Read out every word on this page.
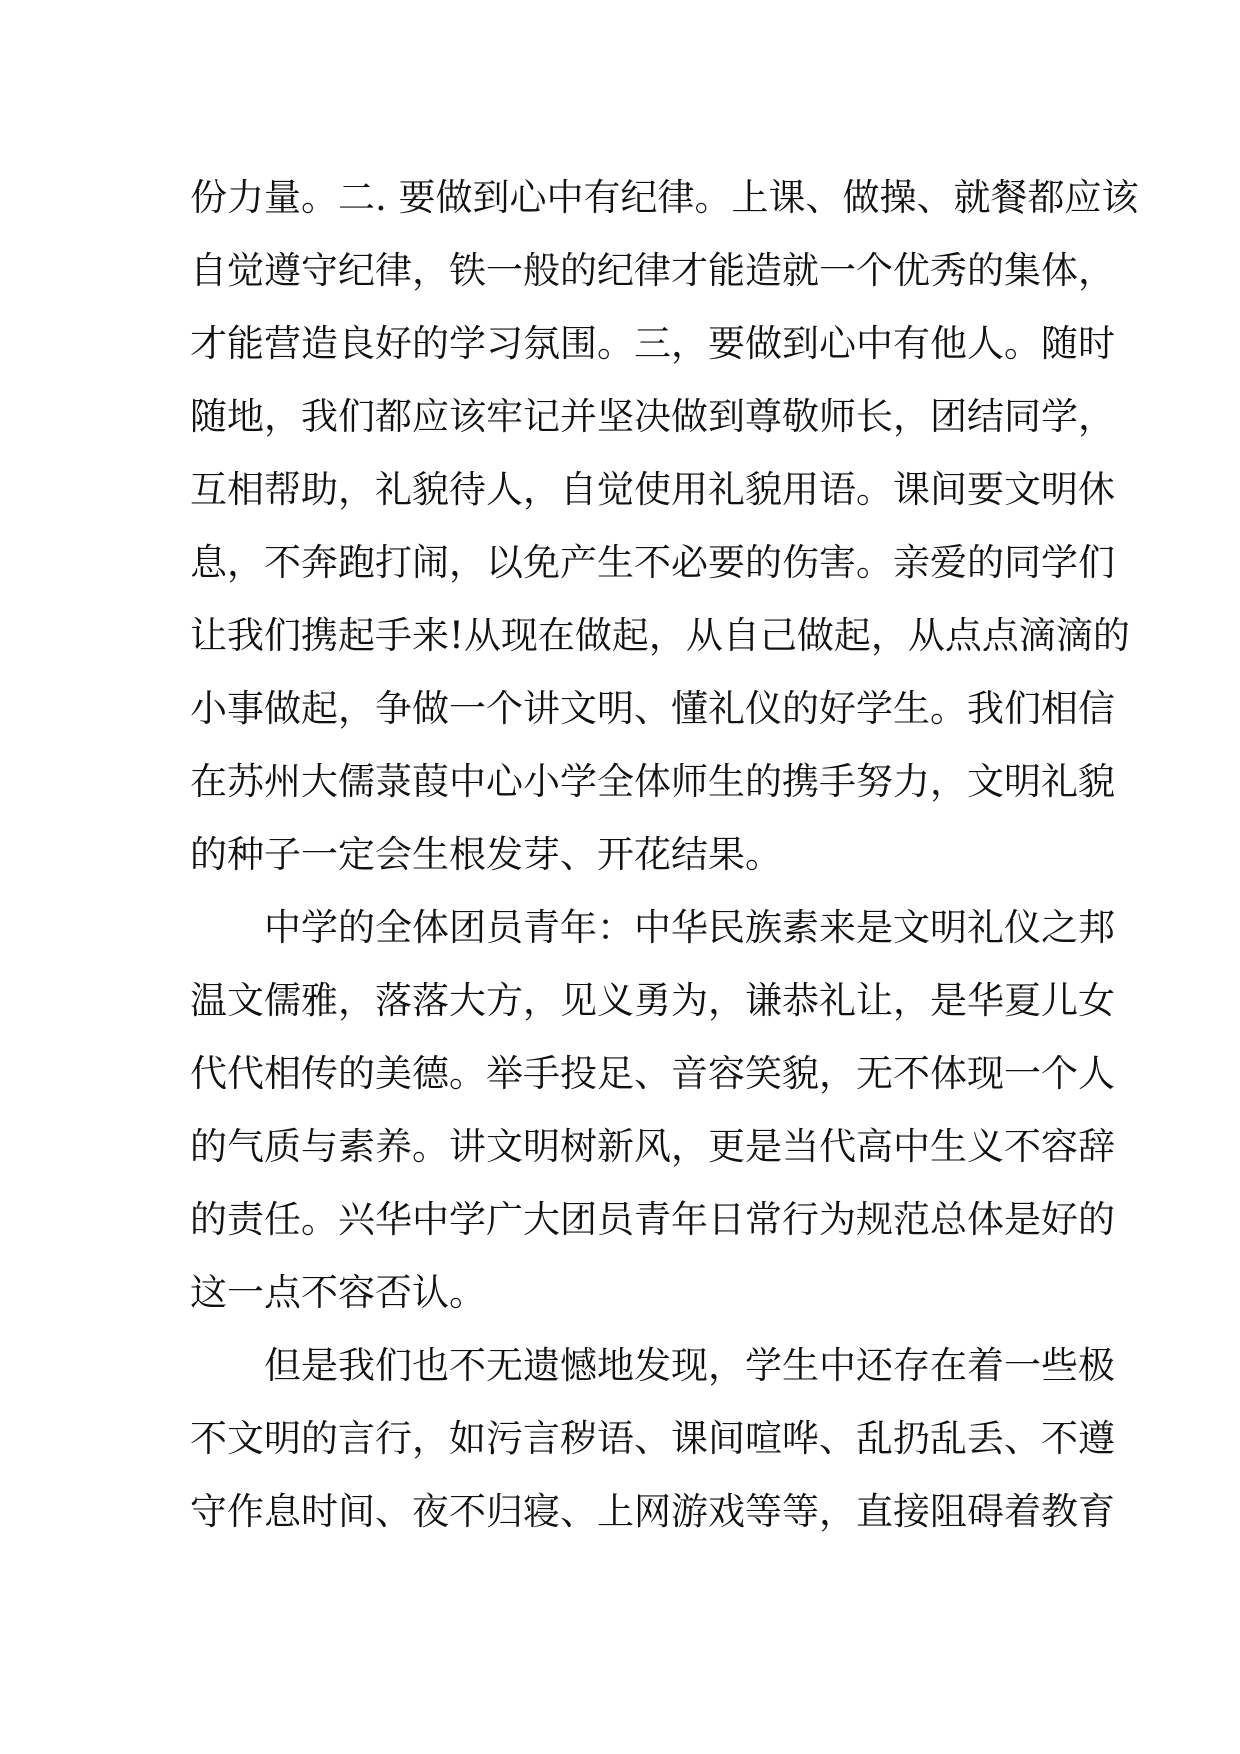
份力量。二. 要做到心中有纪律。上课、做操、就餐都应该
自觉遵守纪律，铁一般的纪律才能造就一个优秀的集体，
才能营造良好的学习氛围。三，要做到心中有他人。随时
随地，我们都应该牢记并坚决做到尊敬师长，团结同学，
互相帮助，礼貌待人，自觉使用礼貌用语。课间要文明休
息，不奔跑打闹，以免产生不必要的伤害。亲爱的同学们
让我们携起手来!从现在做起，从自己做起，从点点滴滴的
小事做起，争做一个讲文明、懂礼仪的好学生。我们相信
在苏州大儒菉葭中心小学全体师生的携手努力，文明礼貌
的种子一定会生根发芽、开花结果。
中学的全体团员青年：中华民族素来是文明礼仪之邦
温文儒雅，落落大方，见义勇为，谦恭礼让，是华夏儿女
代代相传的美德。举手投足、音容笑貌，无不体现一个人
的气质与素养。讲文明树新风，更是当代高中生义不容辞
的责任。兴华中学广大团员青年日常行为规范总体是好的
这一点不容否认。
但是我们也不无遗憾地发现，学生中还存在着一些极
不文明的言行，如污言秽语、课间喧哗、乱扔乱丢、不遵
守作息时间、夜不归寝、上网游戏等等，直接阻碍着教育
